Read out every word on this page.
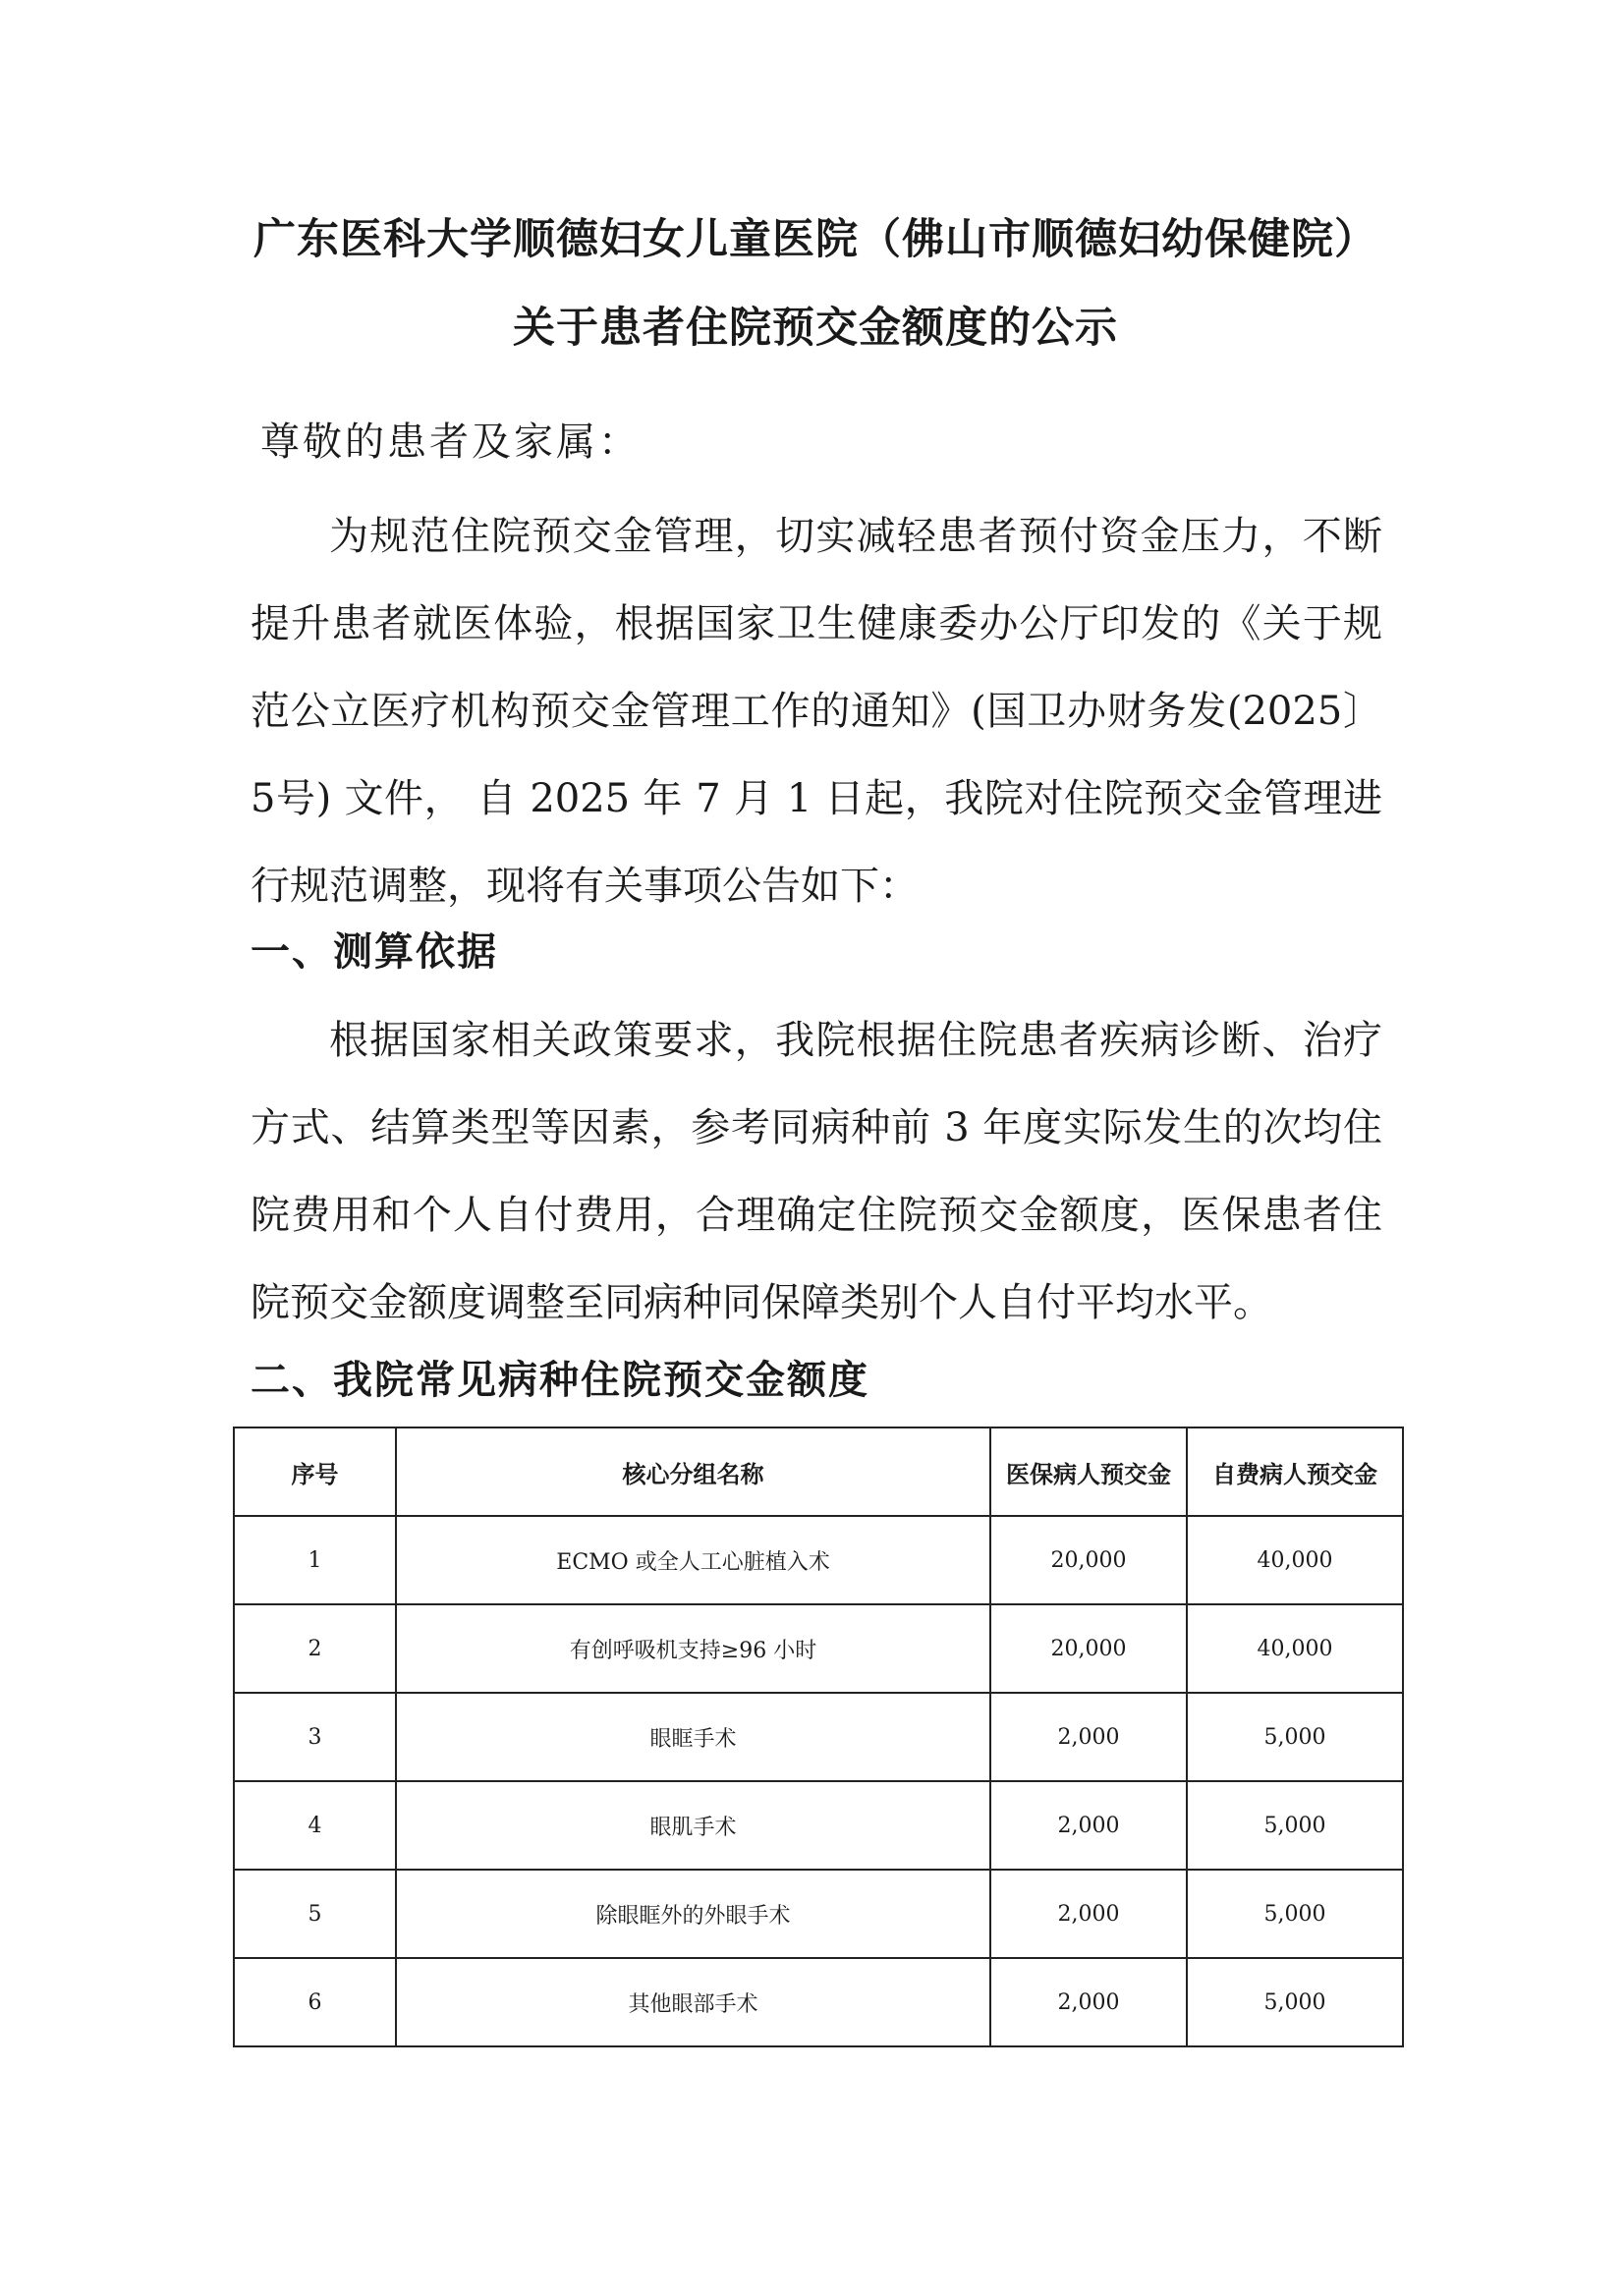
广东医科大学顺德妇女儿童医院（佛山市顺德妇幼保健院）
关于患者住院预交金额度的公示
尊敬的患者及家属：

为规范住院预交金管理，切实减轻患者预付资金压力，不断提升患者就医体验，根据国家卫生健康委办公厅印发的《关于规范公立医疗机构预交金管理工作的通知》(国卫办财务发(2025〕5号) 文件， 自 2025 年 7 月 1 日起，我院对住院预交金管理进行规范调整，现将有关事项公告如下：

一、测算依据

根据国家相关政策要求，我院根据住院患者疾病诊断、治疗方式、结算类型等因素，参考同病种前 3 年度实际发生的次均住院费用和个人自付费用，合理确定住院预交金额度，医保患者住院预交金额度调整至同病种同保障类别个人自付平均水平。

二、我院常见病种住院预交金额度
序号	核心分组名称	医保病人预交金	自费病人预交金
1	ECMO 或全人工心脏植入术	20,000	40,000
2	有创呼吸机支持≥96 小时	20,000	40,000
3	眼眶手术	2,000	5,000
4	眼肌手术	2,000	5,000
5	除眼眶外的外眼手术	2,000	5,000
6	其他眼部手术	2,000	5,000
